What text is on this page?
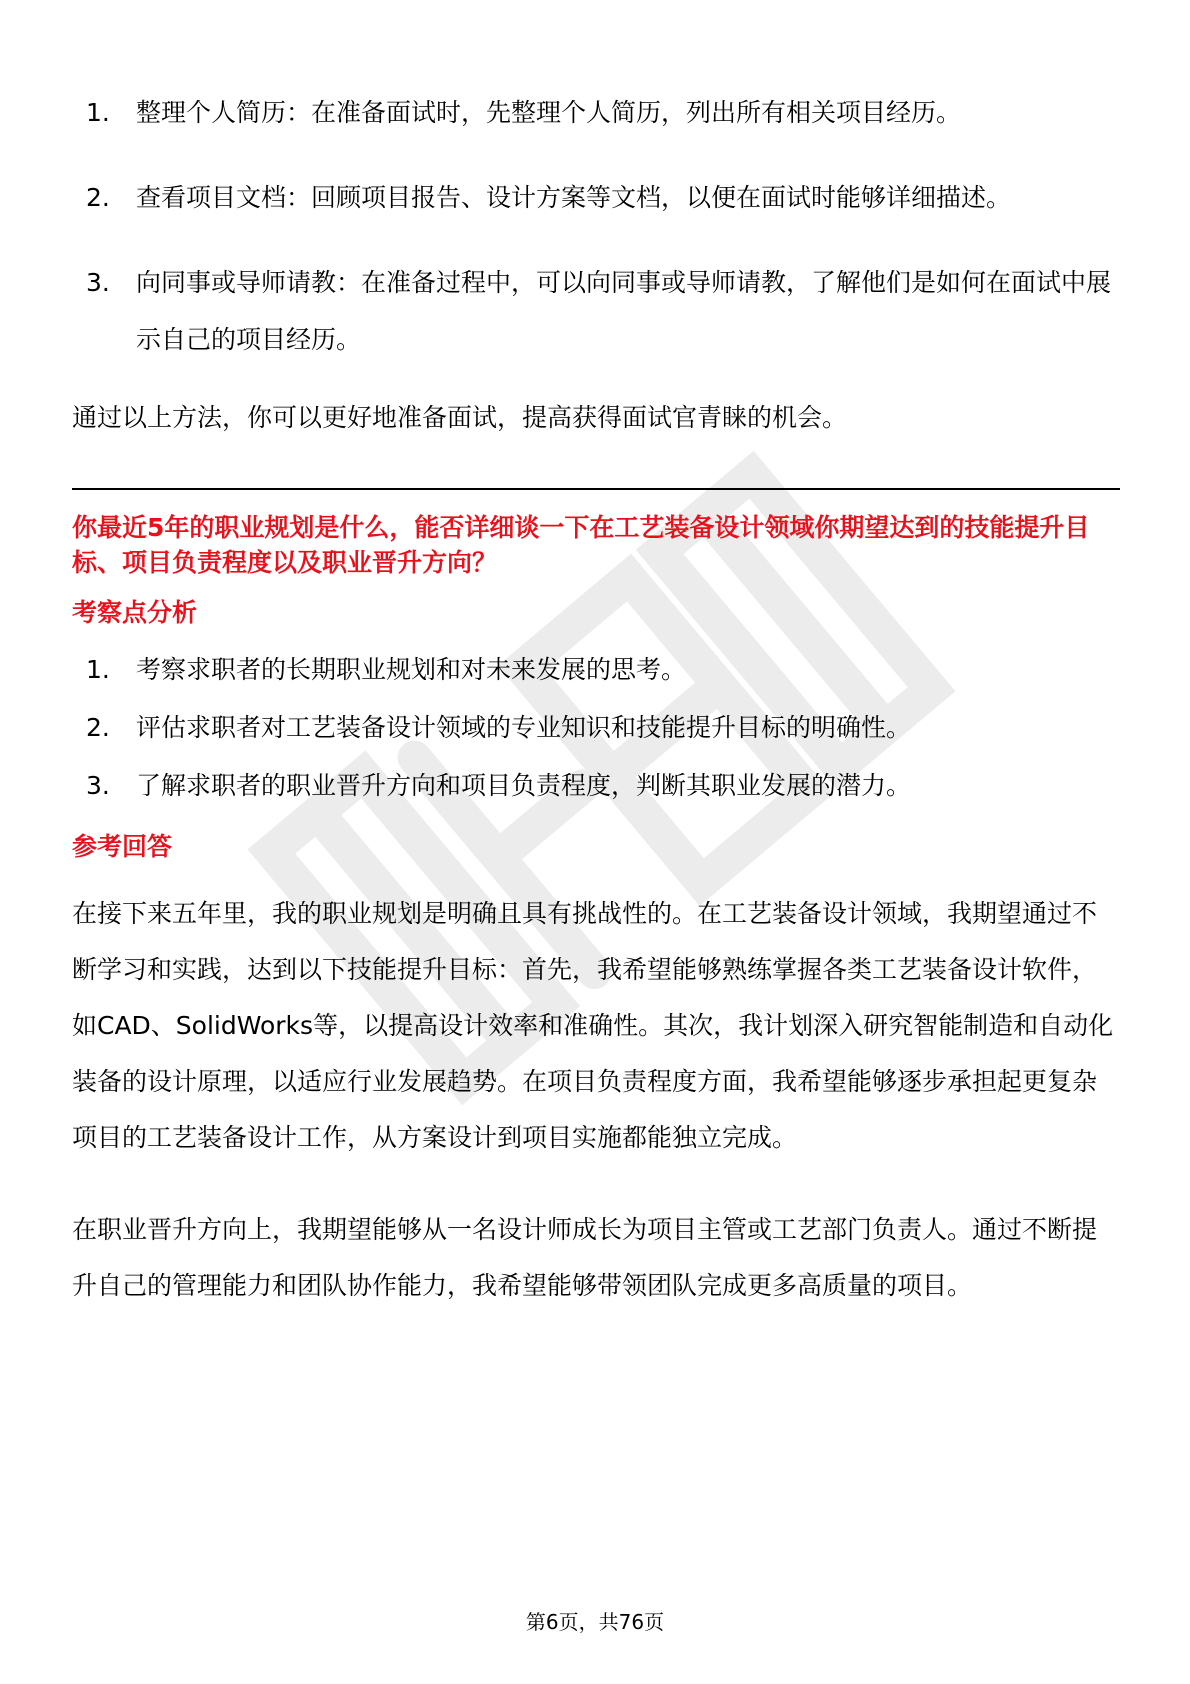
1.	整理个人简历：在准备面试时，先整理个人简历，列出所有相关项目经历。
2.	查看项目文档：回顾项目报告、设计方案等文档，以便在面试时能够详细描述。
3.	向同事或导师请教：在准备过程中，可以向同事或导师请教，了解他们是如何在面试中展示自己的项目经历。

通过以上方法，你可以更好地准备面试，提高获得面试官青睐的机会。

你最近5年的职业规划是什么，能否详细谈一下在工艺装备设计领域你期望达到的技能提升目标、项目负责程度以及职业晋升方向？

考察点分析

1.	考察求职者的长期职业规划和对未来发展的思考。
2.	评估求职者对工艺装备设计领域的专业知识和技能提升目标的明确性。
3.	了解求职者的职业晋升方向和项目负责程度，判断其职业发展的潜力。

参考回答

在接下来五年里，我的职业规划是明确且具有挑战性的。在工艺装备设计领域，我期望通过不断学习和实践，达到以下技能提升目标：首先，我希望能够熟练掌握各类工艺装备设计软件，如CAD、SolidWorks等，以提高设计效率和准确性。其次，我计划深入研究智能制造和自动化装备的设计原理，以适应行业发展趋势。在项目负责程度方面，我希望能够逐步承担起更复杂项目的工艺装备设计工作，从方案设计到项目实施都能独立完成。

在职业晋升方向上，我期望能够从一名设计师成长为项目主管或工艺部门负责人。通过不断提升自己的管理能力和团队协作能力，我希望能够带领团队完成更多高质量的项目。

第6页，共76页
